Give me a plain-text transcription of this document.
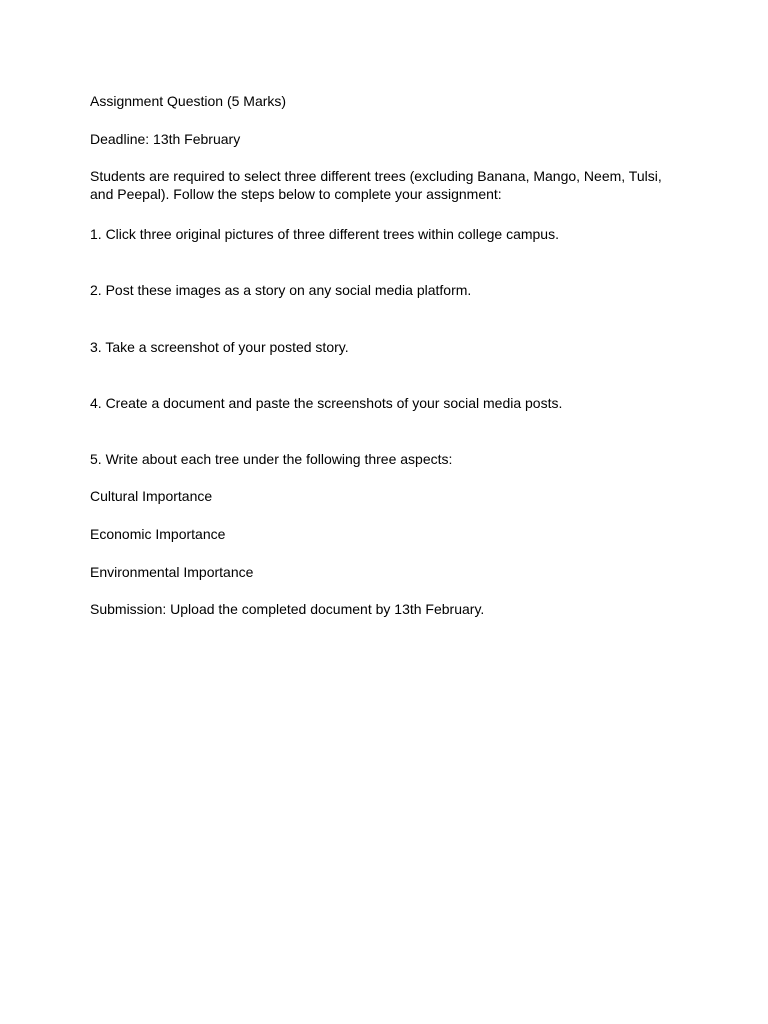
Assignment Question (5 Marks)
Deadline: 13th February
Students are required to select three different trees (excluding Banana, Mango, Neem, Tulsi, and Peepal). Follow the steps below to complete your assignment:
1. Click three original pictures of three different trees within college campus.
2. Post these images as a story on any social media platform.
3. Take a screenshot of your posted story.
4. Create a document and paste the screenshots of your social media posts.
5. Write about each tree under the following three aspects:
Cultural Importance
Economic Importance
Environmental Importance
Submission: Upload the completed document by 13th February.
